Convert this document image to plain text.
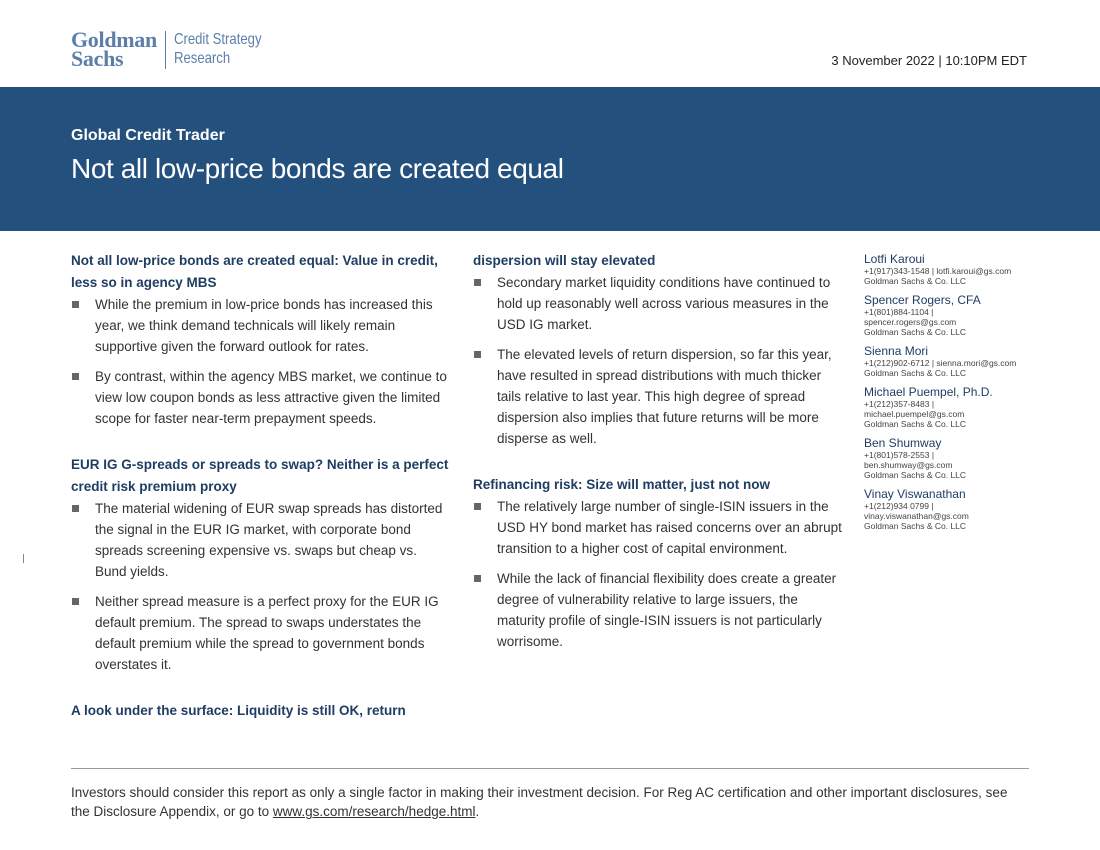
Goldman
Sachs
Credit Strategy
Research	3 November 2022 | 10:10PM EDT
Global Credit Trader
Not all low-price bonds are created equal

Not all low-price bonds are created equal: Value in credit, less so in agency MBS

While the premium in low-price bonds has increased this year, we think demand technicals will likely remain supportive given the forward outlook for rates.

By contrast, within the agency MBS market, we continue to view low coupon bonds as less attractive given the limited scope for faster near-term prepayment speeds.

EUR IG G-spreads or spreads to swap? Neither is a perfect credit risk premium proxy

The material widening of EUR swap spreads has distorted the signal in the EUR IG market, with corporate bond spreads screening expensive vs. swaps but cheap vs. Bund yields.

Neither spread measure is a perfect proxy for the EUR IG default premium. The spread to swaps understates the default premium while the spread to government bonds overstates it.

A look under the surface: Liquidity is still OK, return

dispersion will stay elevated

Secondary market liquidity conditions have continued to hold up reasonably well across various measures in the USD IG market.

The elevated levels of return dispersion, so far this year, have resulted in spread distributions with much thicker tails relative to last year. This high degree of spread dispersion also implies that future returns will be more disperse as well.

Refinancing risk: Size will matter, just not now

The relatively large number of single-ISIN issuers in the USD HY bond market has raised concerns over an abrupt transition to a higher cost of capital environment.

While the lack of financial flexibility does create a greater degree of vulnerability relative to large issuers, the maturity profile of single-ISIN issuers is not particularly worrisome.

Lotfi Karoui
+1(917)343-1548 | lotfi.karoui@gs.com
Goldman Sachs & Co. LLC
Spencer Rogers, CFA
+1(801)884-1104 |
spencer.rogers@gs.com
Goldman Sachs & Co. LLC
Sienna Mori
+1(212)902-6712 | sienna.mori@gs.com
Goldman Sachs & Co. LLC
Michael Puempel, Ph.D.
+1(212)357-8483 |
michael.puempel@gs.com
Goldman Sachs & Co. LLC
Ben Shumway
+1(801)578-2553 |
ben.shumway@gs.com
Goldman Sachs & Co. LLC
Vinay Viswanathan
+1(212)934 0799 |
vinay.viswanathan@gs.com
Goldman Sachs & Co. LLC
Investors should consider this report as only a single factor in making their investment decision. For Reg AC certification and other important disclosures, see the Disclosure Appendix, or go to www.gs.com/research/hedge.html.
